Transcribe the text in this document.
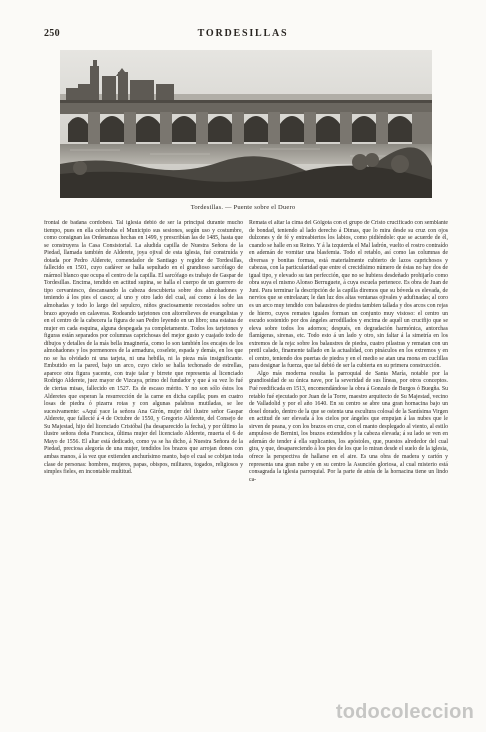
250	TORDESILLAS
Tordesillas. — Puente sobre el Duero

frontal de badana cordobesí. Tal iglesia debió de ser la principal durante mucho tiempo, pues en ella celebraba el Municipio sus sesiones, según uso y costumbre, como consignan las Ordenanzas hechas en 1499, y prescribían las de 1485, hasta que se construyera la Casa Consistorial. La aludida capilla de Nuestra Señora de la Piedad, llamada también de Alderete, joya ojival de esta iglesia, fué construída y dotada por Pedro Alderete, comendador de Santiago y regidor de Tordesillas, fallecido en 1501, cuyo cadáver se halla sepultado en el grandioso sarcófago de mármol blanco que ocupa el centro de la capilla. El sarcófago es trabajo de Gaspar de Tordesillas. Encima, tendido en actitud supina, se halla el cuerpo de un guerrero de tipo cervantesco, descansando la cabeza descubierta sobre dos almohadones y teniendo á los pies el casco; al uno y otro lado del cual, así como á los de las almohadas y todo lo largo del sepulcro, niños graciosamente recostados sobre un brazo apoyado en calaveras. Rodeando tarjetones con altorrelieves de evangelistas y en el centro de la cabecera la figura de san Pedro leyendo en un libro; una estatua de mujer en cada esquina, alguna despegada ya completamente. Todos los tarjetones y figuras están separados por columnas caprichosas del mejor gusto y cuajado todo de dibujos y detalles de la más bella imaginería, como lo son también los encajes de los almohadones y los pormenores de la armadura, coselete, espada y demás, en los que no se ha olvidado ni una tarjeta, ni una hebilla, ni la pieza más insignificante. Embutido en la pared, bajo un arco, cuyo cielo se halla techonado de estrellas, aparece otra figura yacente, con traje talar y birrete que representa al licenciado Rodrigo Alderete, juez mayor de Vizcaya, primo del fundador y que á su vez lo fué de ciertas misas, fallecido en 1527. Es de escaso mérito. Y no son sólo éstos los Alderetes que esperan la resurrección de la carne en dicha capilla; pues en cuatro losas de piedra ó pizarra rotas y con algunas palabras mutiladas, se lee sucesivamente: «Aquí yace la señora Ana Girón, mujer del ilustre señor Gaspar Alderete, que fallecié á 4 de Octubre de 1550, y Gregorio Alderete, del Consejo de Su Majestad, hijo del licenciado Cristóbal (ha desaparecido la fecha), y por último la ilustre señora doña Francisca, última mujer del licenciado Alderete, muerta el 6 de Mayo de 1556. El altar está dedicado, como ya se ha dicho, á Nuestra Señora de la Piedad, preciosa alegoría de una mujer, tendidos los brazos que arrojan dones con ambas manos, á la vez que extienden anchurísimo manto, bajo el cual se cobijan toda clase de personas: hombres, mujeres, papas, obispos, militares, togados, religiosos y simples fieles, en incontable multitud.

Remata el altar la cima del Gólgota con el grupo de Cristo crucificado con semblante de bondad, teniendo al lado derecho á Dimas, que lo mira desde su cruz con ojos dulzones y de fé y entreabiertos los labios, como pidiéndole: que se acuerde de él, cuando se halle en su Reino. Y á la izquierda el Mal ladrón, vuelto el rostro contraído en ademán de vomitar una blasfemia. Todo el retablo, así como las columnas de diversas y bonitas formas, está materialmente cubierto de lazos caprichosos y cabezas, con la particularidad que entre el crecidísimo número de éstas no hay dos de igual tipo, y elevado su tan perfección, que no se hubiera desdeñado prohijarlo como obra suya el mismo Alonso Berruguete, á cuya escuela pertenece. Es obra de Juan de Juni. Para terminar la descripción de la capilla diremos que su bóveda es elevada, de nervios que se entrelazan; le dan luz dos altas ventanas ojivales y adufinadas; al coro es un arco muy tendido con balaustres de piedra tambien tallada y dos arcos con rejas de hierro, cuyos remates iguales forman un conjunto muy vistoso: el centro un escudo sostenido por dos ángeles arrodillados y encima de aquél un crucifijo que se eleva sobre todos los adornos; después, en degradación harmónica, antorchas flamígeras, sirenas, etc. Todo esto á un lado y otro, sin faltar á la simetría en los extremos de la reja: sobre los balaustres de piedra, cuatro pilastras y rematan con un pretil calado, finamente tallado en la actualidad, con pináculos en los extremos y en el centro, teniendo dos puertas de piedra y en el medio se atan una mona en cuclillas para designar la fuerza, que tal debió de ser la cubierta en su primera construcción.

Algo más moderna resulta la parroquial de Santa María, notable por la grandiosidad de su única nave, por la severidad de sus líneas, por otros conceptos. Fué reedificada en 1513, encomendándose la obra á Gonzalo de Burgos ó Buegña. Su retablo fué ejecutado por Juan de la Torre, maestro arquitecto de Su Majestad, vecino de Valladolid y por el año 1640. En su centro se abre una gran hornacina bajo un dosel dorado, dentro de la que se ostenta una escultura colosal de la Santísima Virgen en actitud de ser elevada á los cielos por ángeles que empujan á las nubes que le sirven de peana, y con los brazos en cruz, con el manto desplegado al viento, al estilo ampuloso de Bernini, los brazos extendidos y la cabeza elevada; á su lado se ven en ademán de tender á ella suplicantes, los apóstoles, que, puestos alrededor del cual gira, y que, desapareciendo á los pies de los que lo miran desde el suelo de la iglesia, ofrece la perspectiva de hallarse en el aire. Es una obra de madera y cartón y representa una gran nube y en su centro la Asunción gloriosa, al cual misterio está consagrada la iglesia parroquial. Por la parte de atrás de la hornacina tiene un lindo ca-

todocoleccion
